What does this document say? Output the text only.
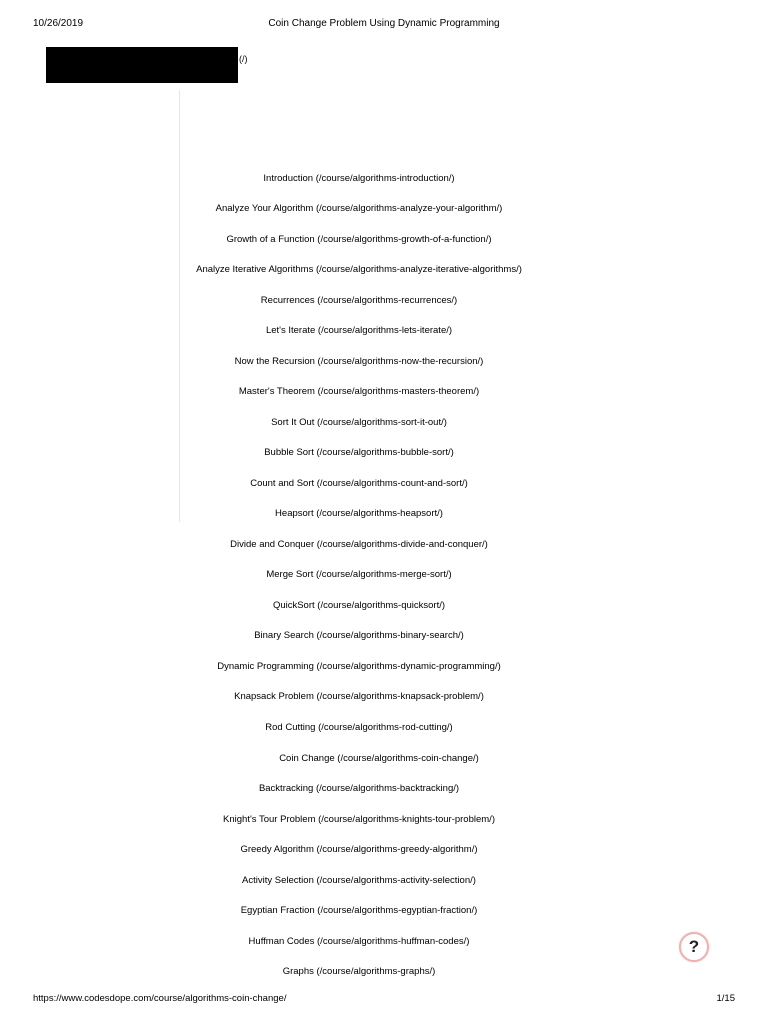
10/26/2019	Coin Change Problem Using Dynamic Programming
(/)
Introduction (/course/algorithms-introduction/)
Analyze Your Algorithm (/course/algorithms-analyze-your-algorithm/)
Growth of a Function (/course/algorithms-growth-of-a-function/)
Analyze Iterative Algorithms (/course/algorithms-analyze-iterative-algorithms/)
Recurrences (/course/algorithms-recurrences/)
Let's Iterate (/course/algorithms-lets-iterate/)
Now the Recursion (/course/algorithms-now-the-recursion/)
Master's Theorem (/course/algorithms-masters-theorem/)
Sort It Out (/course/algorithms-sort-it-out/)
Bubble Sort (/course/algorithms-bubble-sort/)
Count and Sort (/course/algorithms-count-and-sort/)
Heapsort (/course/algorithms-heapsort/)
Divide and Conquer (/course/algorithms-divide-and-conquer/)
Merge Sort (/course/algorithms-merge-sort/)
QuickSort (/course/algorithms-quicksort/)
Binary Search (/course/algorithms-binary-search/)
Dynamic Programming (/course/algorithms-dynamic-programming/)
Knapsack Problem (/course/algorithms-knapsack-problem/)
Rod Cutting (/course/algorithms-rod-cutting/)
Coin Change (/course/algorithms-coin-change/)
Backtracking (/course/algorithms-backtracking/)
Knight's Tour Problem (/course/algorithms-knights-tour-problem/)
Greedy Algorithm (/course/algorithms-greedy-algorithm/)
Activity Selection (/course/algorithms-activity-selection/)
Egyptian Fraction (/course/algorithms-egyptian-fraction/)
Huffman Codes (/course/algorithms-huffman-codes/)
Graphs (/course/algorithms-graphs/)
?
https://www.codesdope.com/course/algorithms-coin-change/	1/15
